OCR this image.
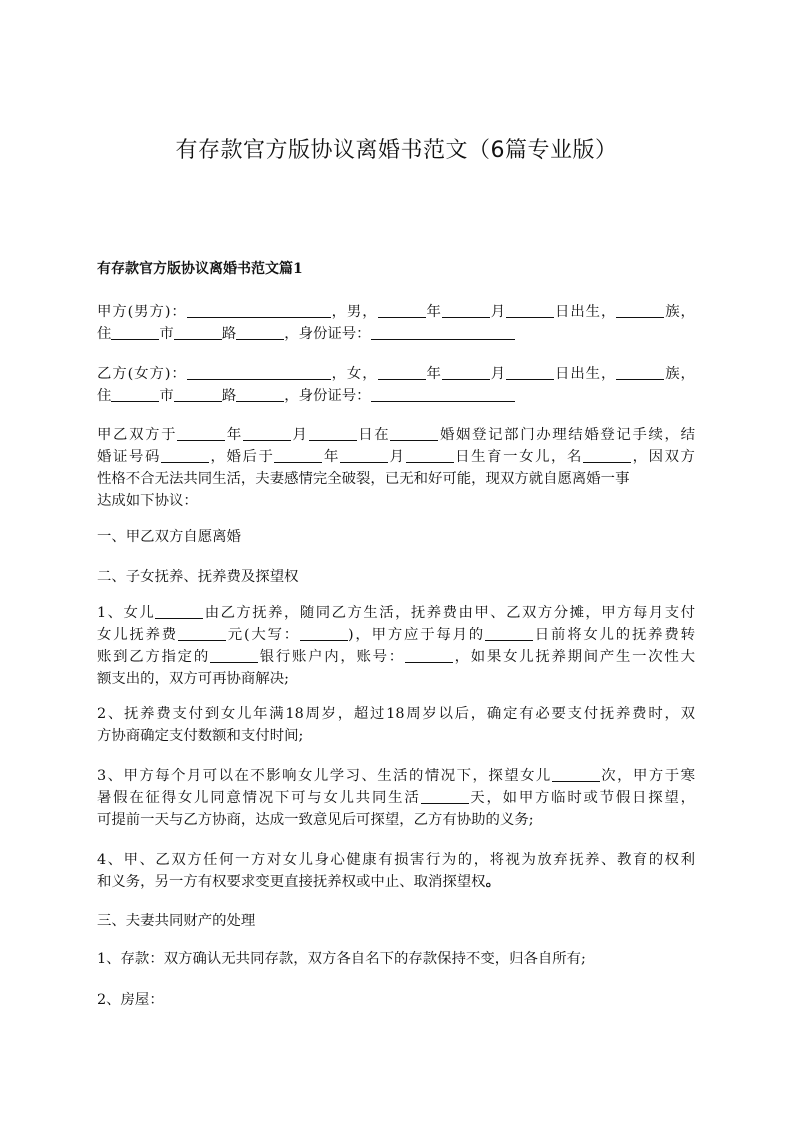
有存款官方版协议离婚书范文（6篇专业版）
有存款官方版协议离婚书范文篇1
甲方(男方)：	，男，	年	月	日出生，	族，
住	市	路	，身份证号：
乙方(女方)：	，女，	年	月	日出生，	族，
住	市	路	，身份证号：
甲乙双方于	年	月	日在	婚姻登记部门办理结婚登记手续，结
婚证号码	，婚后于	年	月	日生育一女儿，名	，因双方
性格不合无法共同生活，夫妻感情完全破裂，已无和好可能，现双方就自愿离婚一事
达成如下协议：
一、甲乙双方自愿离婚
二、子女抚养、抚养费及探望权
1、女儿	由乙方抚养，随同乙方生活，抚养费由甲、乙双方分摊，甲方每月支付
女儿抚养费	元(大写：	)，甲方应于每月的	日前将女儿的抚养费转
账到乙方指定的	银行账户内，账号：	，如果女儿抚养期间产生一次性大
额支出的，双方可再协商解决;
2、抚养费支付到女儿年满18周岁，超过18周岁以后，确定有必要支付抚养费时，双
方协商确定支付数额和支付时间;
3、甲方每个月可以在不影响女儿学习、生活的情况下，探望女儿	次，甲方于寒
暑假在征得女儿同意情况下可与女儿共同生活	天，如甲方临时或节假日探望，
可提前一天与乙方协商，达成一致意见后可探望，乙方有协助的义务;
4、甲、乙双方任何一方对女儿身心健康有损害行为的，将视为放弃抚养、教育的权利
和义务，另一方有权要求变更直接抚养权或中止、取消探望权。
三、夫妻共同财产的处理
1、存款：双方确认无共同存款，双方各自名下的存款保持不变，归各自所有;
2、房屋：
